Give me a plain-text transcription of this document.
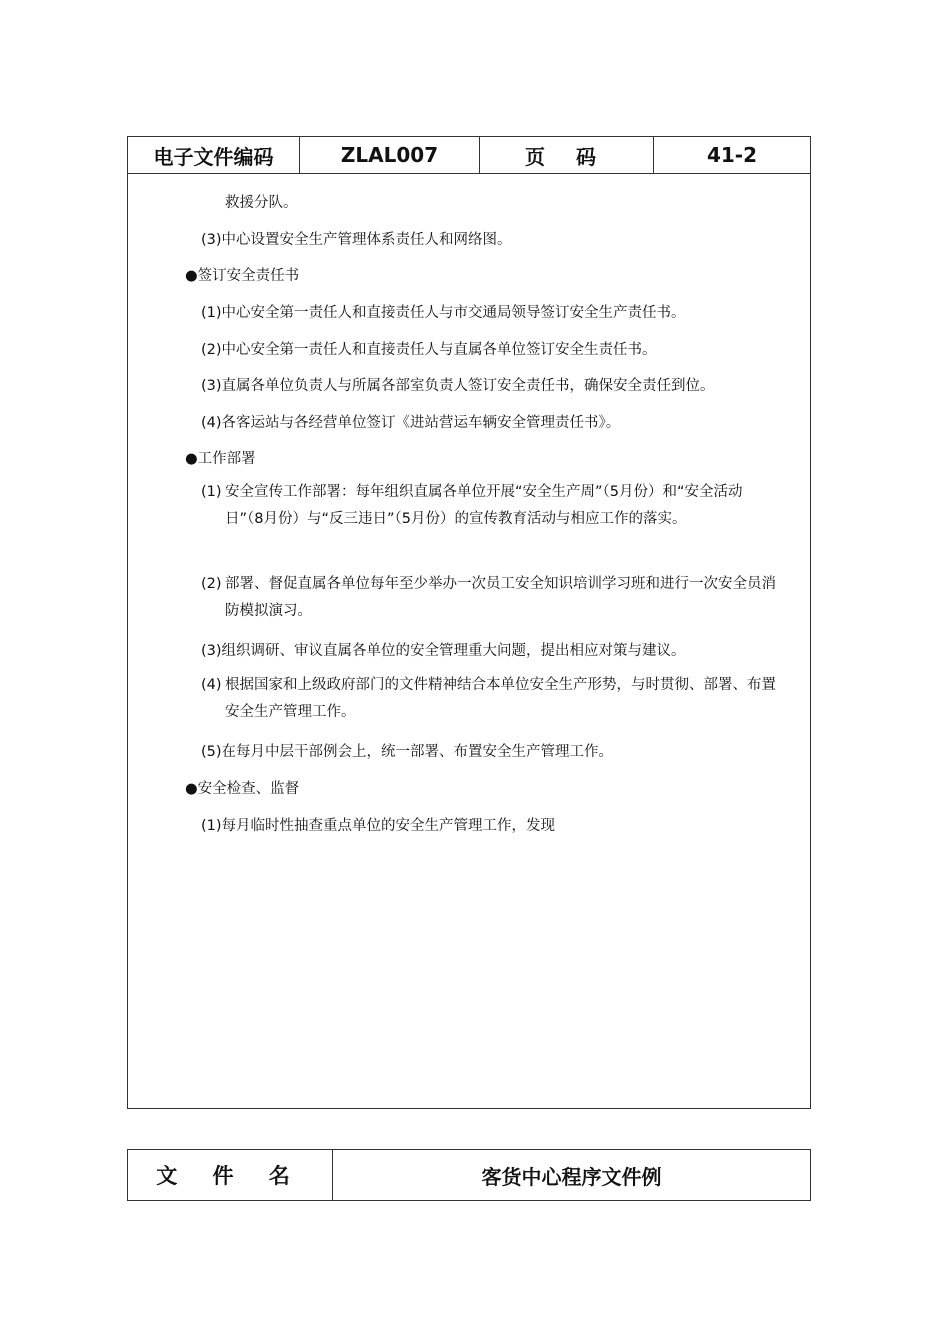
电子文件编码	ZLAL007	页 码	41-2
救援分队。
(3)中心设置安全生产管理体系责任人和网络图。
●签订安全责任书
(1)中心安全第一责任人和直接责任人与市交通局领导签订安全生产责任书。
(2)中心安全第一责任人和直接责任人与直属各单位签订安全生责任书。
(3)直属各单位负责人与所属各部室负责人签订安全责任书，确保安全责任到位。
(4)各客运站与各经营单位签订《进站营运车辆安全管理责任书》。
●工作部署
(1) 安全宣传工作部署：每年组织直属各单位开展“安全生产周”（5月份）和“安全活动日”（8月份）与“反三违日”（5月份）的宣传教育活动与相应工作的落实。
(2) 部署、督促直属各单位每年至少举办一次员工安全知识培训学习班和进行一次安全员消防模拟演习。
(3)组织调研、审议直属各单位的安全管理重大问题，提出相应对策与建议。
(4) 根据国家和上级政府部门的文件精神结合本单位安全生产形势，与时贯彻、部署、布置安全生产管理工作。
(5)在每月中层干部例会上，统一部署、布置安全生产管理工作。
●安全检查、监督
(1)每月临时性抽查重点单位的安全生产管理工作，发现
文 件 名	客货中心程序文件例
